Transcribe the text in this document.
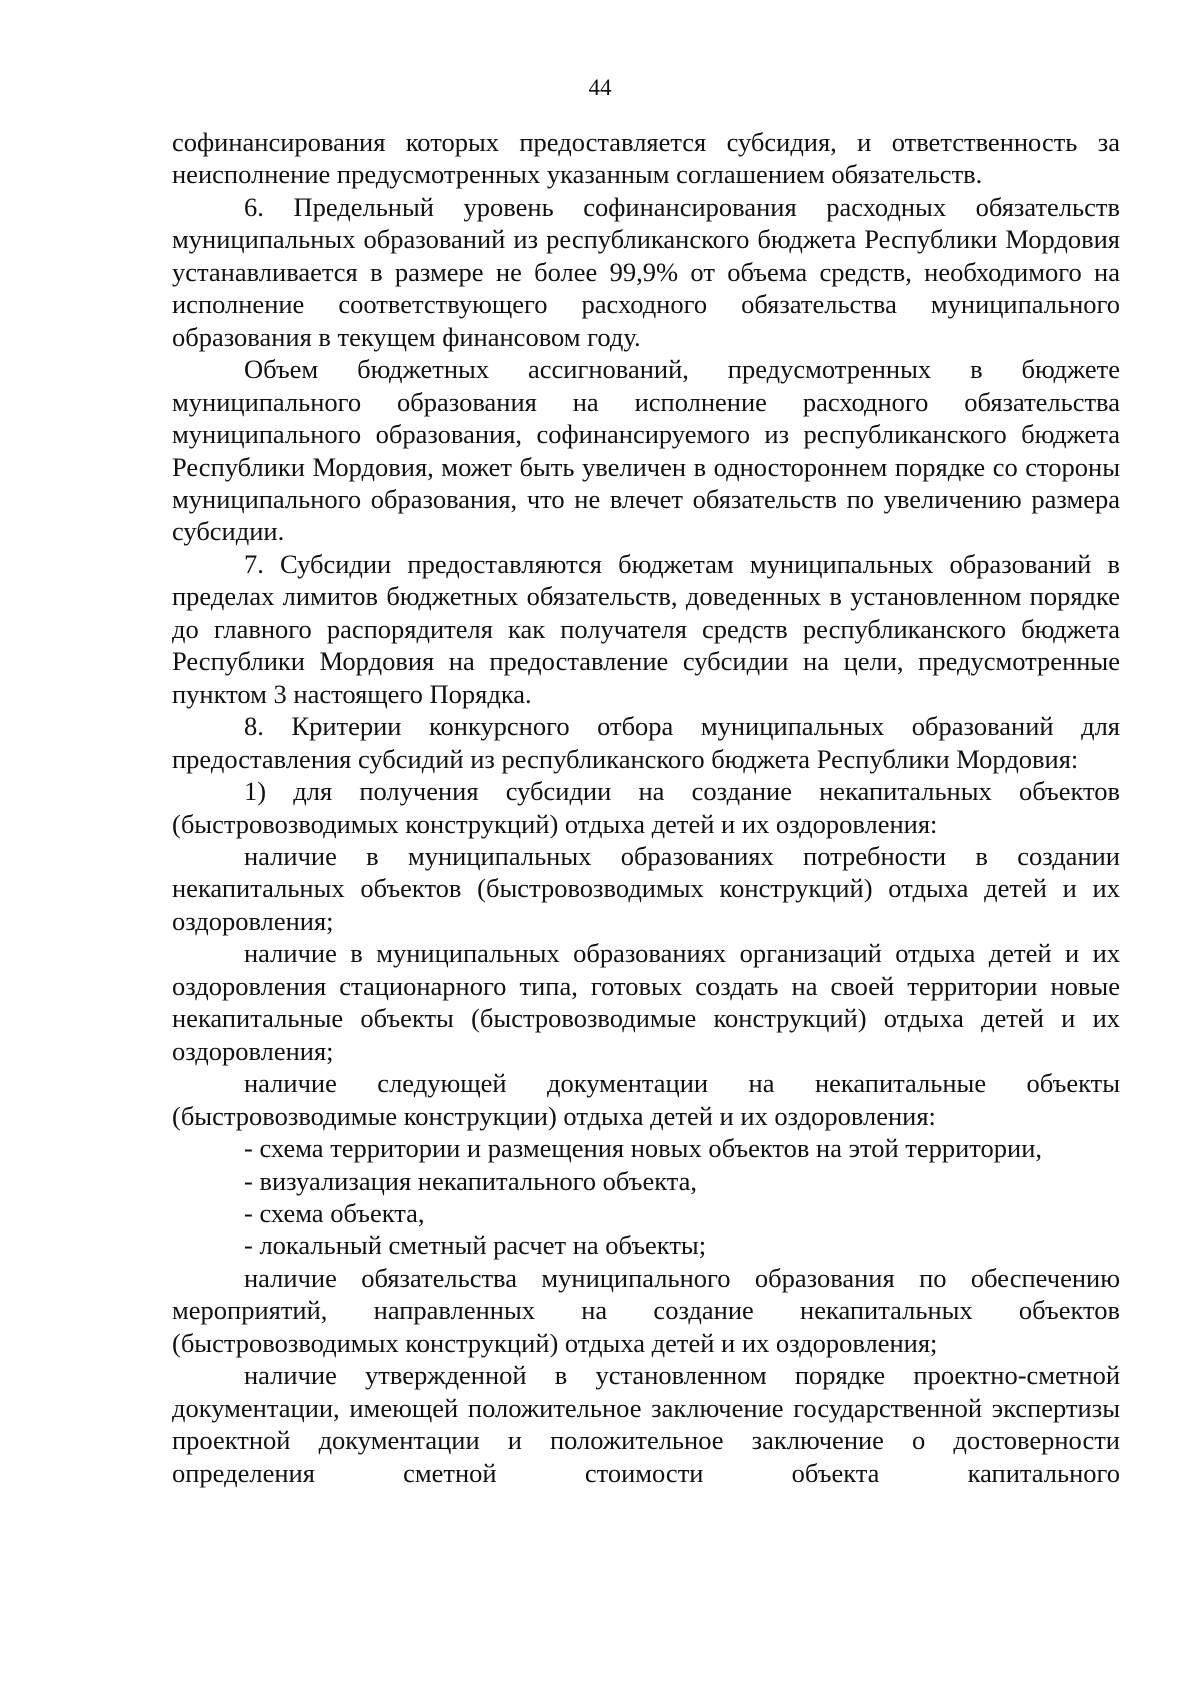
44

софинансирования которых предоставляется субсидия, и ответственность за неисполнение предусмотренных указанным соглашением обязательств.

6. Предельный уровень софинансирования расходных обязательств муниципальных образований из республиканского бюджета Республики Мордовия устанавливается в размере не более 99,9% от объема средств, необходимого на исполнение соответствующего расходного обязательства муниципального образования в текущем финансовом году.

Объем бюджетных ассигнований, предусмотренных в бюджете муниципального образования на исполнение расходного обязательства муниципального образования, софинансируемого из республиканского бюджета Республики Мордовия, может быть увеличен в одностороннем порядке со стороны муниципального образования, что не влечет обязательств по увеличению размера субсидии.

7. Субсидии предоставляются бюджетам муниципальных образований в пределах лимитов бюджетных обязательств, доведенных в установленном порядке до главного распорядителя как получателя средств республиканского бюджета Республики Мордовия на предоставление субсидии на цели, предусмотренные пунктом 3 настоящего Порядка.

8. Критерии конкурсного отбора муниципальных образований для предоставления субсидий из республиканского бюджета Республики Мордовия:

1) для получения субсидии на создание некапитальных объектов (быстровозводимых конструкций) отдыха детей и их оздоровления:

наличие в муниципальных образованиях потребности в создании некапитальных объектов (быстровозводимых конструкций) отдыха детей и их оздоровления;

наличие в муниципальных образованиях организаций отдыха детей и их оздоровления стационарного типа, готовых создать на своей территории новые некапитальные объекты (быстровозводимые конструкций) отдыха детей и их оздоровления;

наличие следующей документации на некапитальные объекты (быстровозводимые конструкции) отдыха детей и их оздоровления:

- схема территории и размещения новых объектов на этой территории,

- визуализация некапитального объекта,

- схема объекта,

- локальный сметный расчет на объекты;

наличие обязательства муниципального образования по обеспечению мероприятий, направленных на создание некапитальных объектов (быстровозводимых конструкций) отдыха детей и их оздоровления;

наличие утвержденной в установленном порядке проектно-сметной документации, имеющей положительное заключение государственной экспертизы проектной документации и положительное заключение о достоверности определения сметной стоимости объекта капитального
